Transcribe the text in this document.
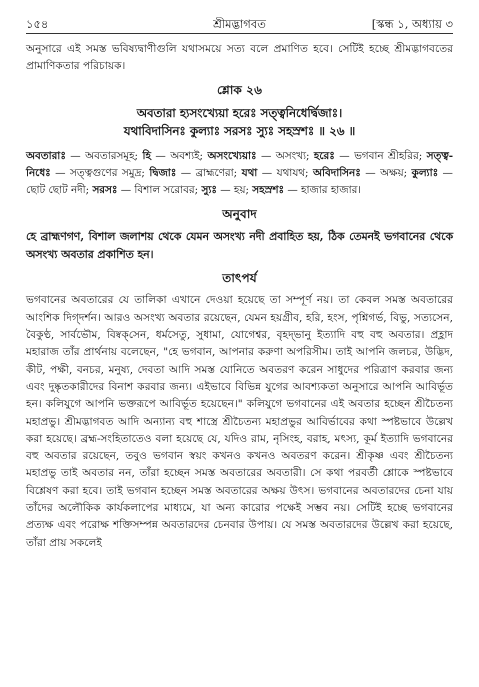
১৫৪	শ্রীমদ্ভাগবত	[স্কন্ধ ১, অধ্যায় ৩

অনুসারে এই সমস্ত ভবিষ্যদ্বাণীগুলি যথাসময়ে সত্য বলে প্রমাণিত হবে। সেটিই হচ্ছে শ্রীমদ্ভাগবতের প্রামাণিকতার পরিচায়ক।

শ্লোক ২৬
অবতারা হ্যসংখ্যেয়া হরেঃ সত্ত্বনিধের্দ্বিজাঃ।
যথাবিদাসিনঃ কুল্যাঃ সরসঃ স্যুঃ সহস্রশঃ ॥ ২৬ ॥

অবতারাঃ — অবতারসমূহ; হি — অবশ্যই; অসংখ্যেয়াঃ — অসংখ্য; হরেঃ — ভগবান শ্রীহরির; সত্ত্ব-নিধেঃ — সত্ত্বগুণের সমুদ্র; দ্বিজাঃ — ব্রাহ্মণেরা; যথা — যথাযথ; অবিদাসিনঃ — অক্ষয়; কুল্যাঃ — ছোট ছোট নদী; সরসঃ — বিশাল সরোবর; স্যুঃ — হয়; সহস্রশঃ — হাজার হাজার।

অনুবাদ

হে ব্রাহ্মণগণ, বিশাল জলাশয় থেকে যেমন অসংখ্য নদী প্রবাহিত হয়, ঠিক তেমনই ভগবানের থেকে অসংখ্য অবতার প্রকাশিত হন।

তাৎপর্য

ভগবানের অবতারের যে তালিকা এখানে দেওয়া হয়েছে তা সম্পূর্ণ নয়। তা কেবল সমস্ত অবতারের আংশিক দিগ্‌দর্শন। আরও অসংখ্য অবতার রয়েছেন, যেমন হয়গ্রীব, হরি, হংস, পৃশ্নিগর্ভ, বিভু, সত্যসেন, বৈকুণ্ঠ, সার্বভৌম, বিষ্বক্‌সেন, ধর্মসেতু, সুধামা, যোগেশ্বর, বৃহদ্‌ভানু ইত্যাদি বহু বহু অবতার। প্রহ্লাদ মহারাজ তাঁর প্রার্থনায় বলেছেন, "হে ভগবান, আপনার করুণা অপরিসীম। তাই আপনি জলচর, উদ্ভিদ, কীট, পক্ষী, বনচর, মনুষ্য, দেবতা আদি সমস্ত যোনিতে অবতরণ করেন সাধুদের পরিত্রাণ করবার জন্য এবং দুষ্কৃতকারীদের বিনাশ করবার জন্য। এইভাবে বিভিন্ন যুগের আবশ্যকতা অনুসারে আপনি আবির্ভূত হন। কলিযুগে আপনি ভক্তরূপে আবির্ভূত হয়েছেন।" কলিযুগে ভগবানের এই অবতার হচ্ছেন শ্রীচৈতন্য মহাপ্রভু। শ্রীমদ্ভাগবত আদি অন্যান্য বহু শাস্ত্রে শ্রীচৈতন্য মহাপ্রভুর আবির্ভাবের কথা স্পষ্টভাবে উল্লেখ করা হয়েছে। ব্রহ্ম-সংহিতাতেও বলা হয়েছে যে, যদিও রাম, নৃসিংহ, বরাহ, মৎস্য, কূর্ম ইত্যাদি ভগবানের বহু অবতার রয়েছেন, তবুও ভগবান স্বয়ং কখনও কখনও অবতরণ করেন। শ্রীকৃষ্ণ এবং শ্রীচৈতন্য মহাপ্রভু তাই অবতার নন, তাঁরা হচ্ছেন সমস্ত অবতারের অবতারী। সে কথা পরবর্তী শ্লোকে স্পষ্টভাবে বিশ্লেষণ করা হবে। তাই ভগবান হচ্ছেন সমস্ত অবতারের অক্ষয় উৎস। ভগবানের অবতারদের চেনা যায় তাঁদের অলৌকিক কার্যকলাপের মাধ্যমে, যা অন্য কারোর পক্ষেই সম্ভব নয়। সেটিই হচ্ছে ভগবানের প্রত্যক্ষ এবং পরোক্ষ শক্তিসম্পন্ন অবতারদের চেনবার উপায়। যে সমস্ত অবতারদের উল্লেখ করা হয়েছে, তাঁরা প্রায় সকলেই
